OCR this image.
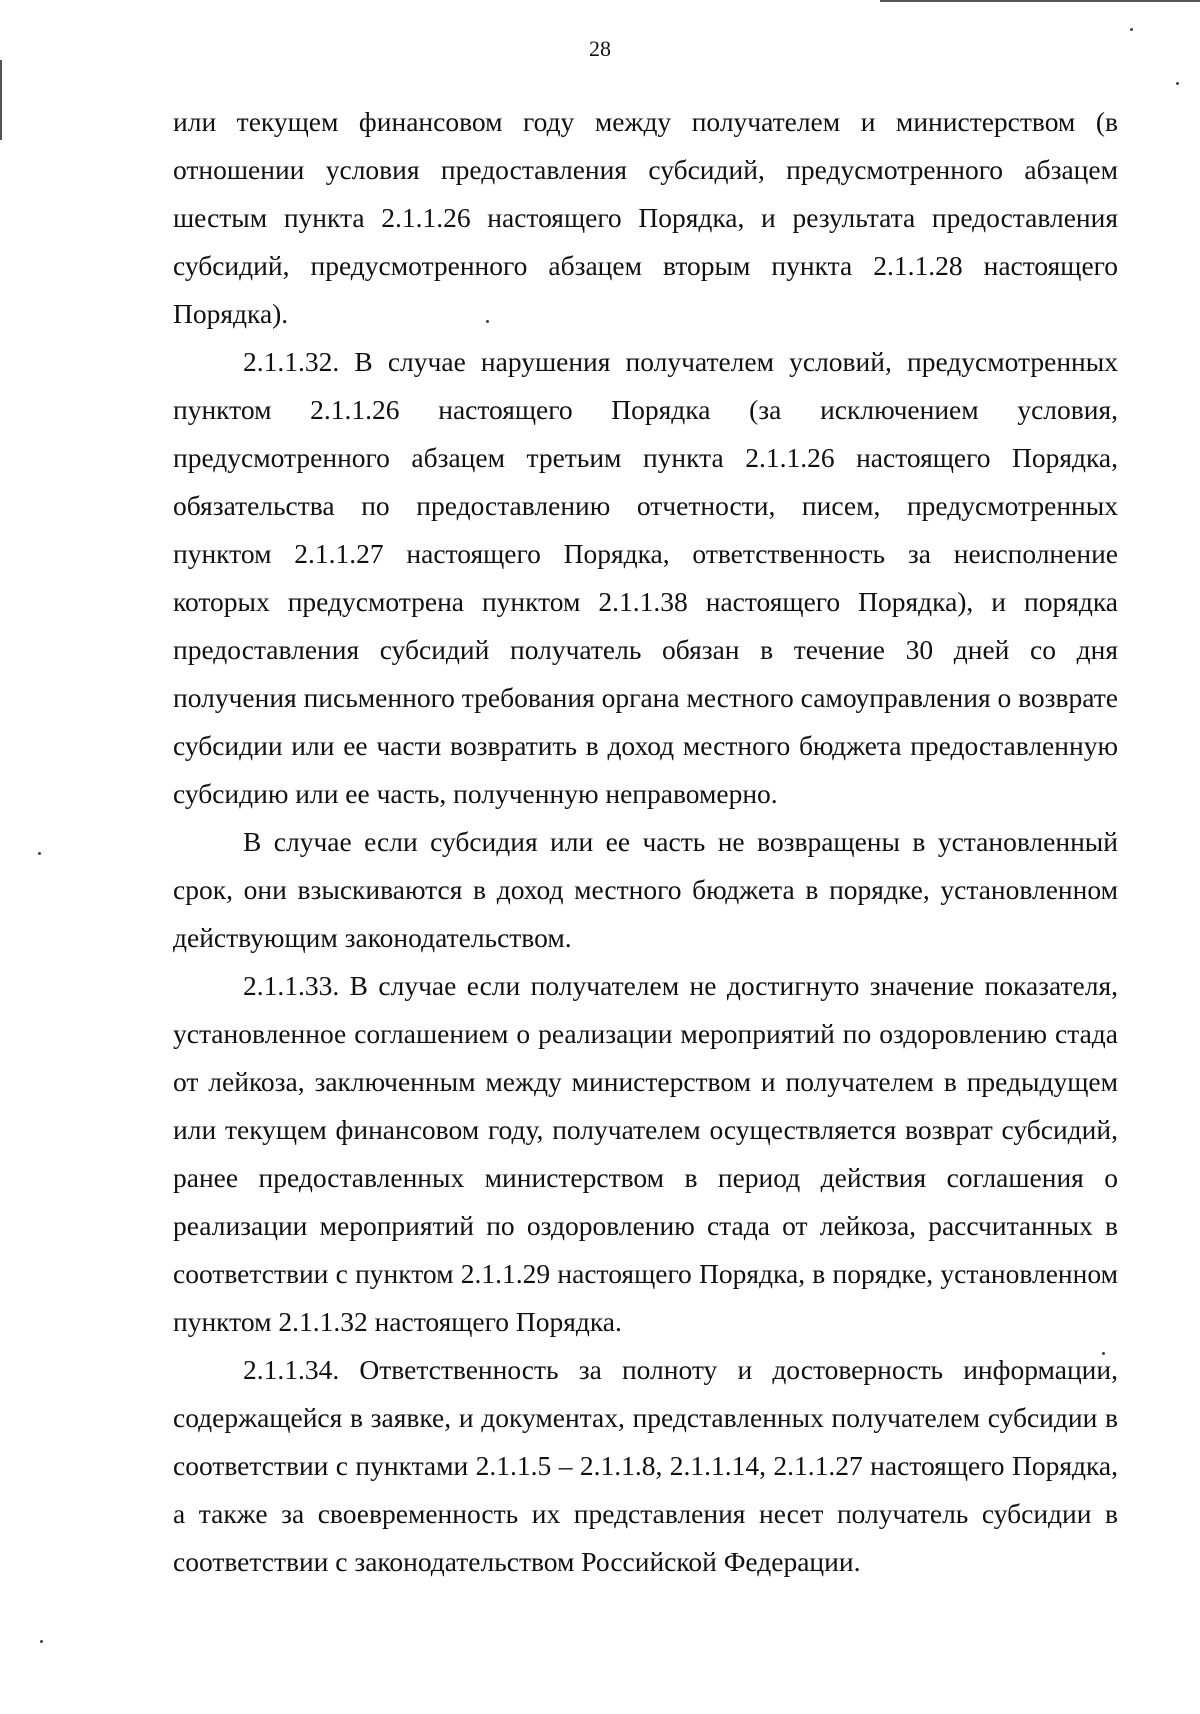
28

или текущем финансовом году между получателем и министерством (в отношении условия предоставления субсидий, предусмотренного абзацем шестым пункта 2.1.1.26 настоящего Порядка, и результата предоставления субсидий, предусмотренного абзацем вторым пункта 2.1.1.28 настоящего Порядка).

2.1.1.32. В случае нарушения получателем условий, предусмотренных пунктом 2.1.1.26 настоящего Порядка (за исключением условия, предусмотренного абзацем третьим пункта 2.1.1.26 настоящего Порядка, обязательства по предоставлению отчетности, писем, предусмотренных пунктом 2.1.1.27 настоящего Порядка, ответственность за неисполнение которых предусмотрена пунктом 2.1.1.38 настоящего Порядка), и порядка предоставления субсидий получатель обязан в течение 30 дней со дня получения письменного требования органа местного самоуправления о возврате субсидии или ее части возвратить в доход местного бюджета предоставленную субсидию или ее часть, полученную неправомерно.

В случае если субсидия или ее часть не возвращены в установленный срок, они взыскиваются в доход местного бюджета в порядке, установленном действующим законодательством.

2.1.1.33. В случае если получателем не достигнуто значение показателя, установленное соглашением о реализации мероприятий по оздоровлению стада от лейкоза, заключенным между министерством и получателем в предыдущем или текущем финансовом году, получателем осуществляется возврат субсидий, ранее предоставленных министерством в период действия соглашения о реализации мероприятий по оздоровлению стада от лейкоза, рассчитанных в соответствии с пунктом 2.1.1.29 настоящего Порядка, в порядке, установленном пунктом 2.1.1.32 настоящего Порядка.

2.1.1.34. Ответственность за полноту и достоверность информации, содержащейся в заявке, и документах, представленных получателем субсидии в соответствии с пунктами 2.1.1.5 – 2.1.1.8, 2.1.1.14, 2.1.1.27 настоящего Порядка, а также за своевременность их представления несет получатель субсидии в соответствии с законодательством Российской Федерации.
